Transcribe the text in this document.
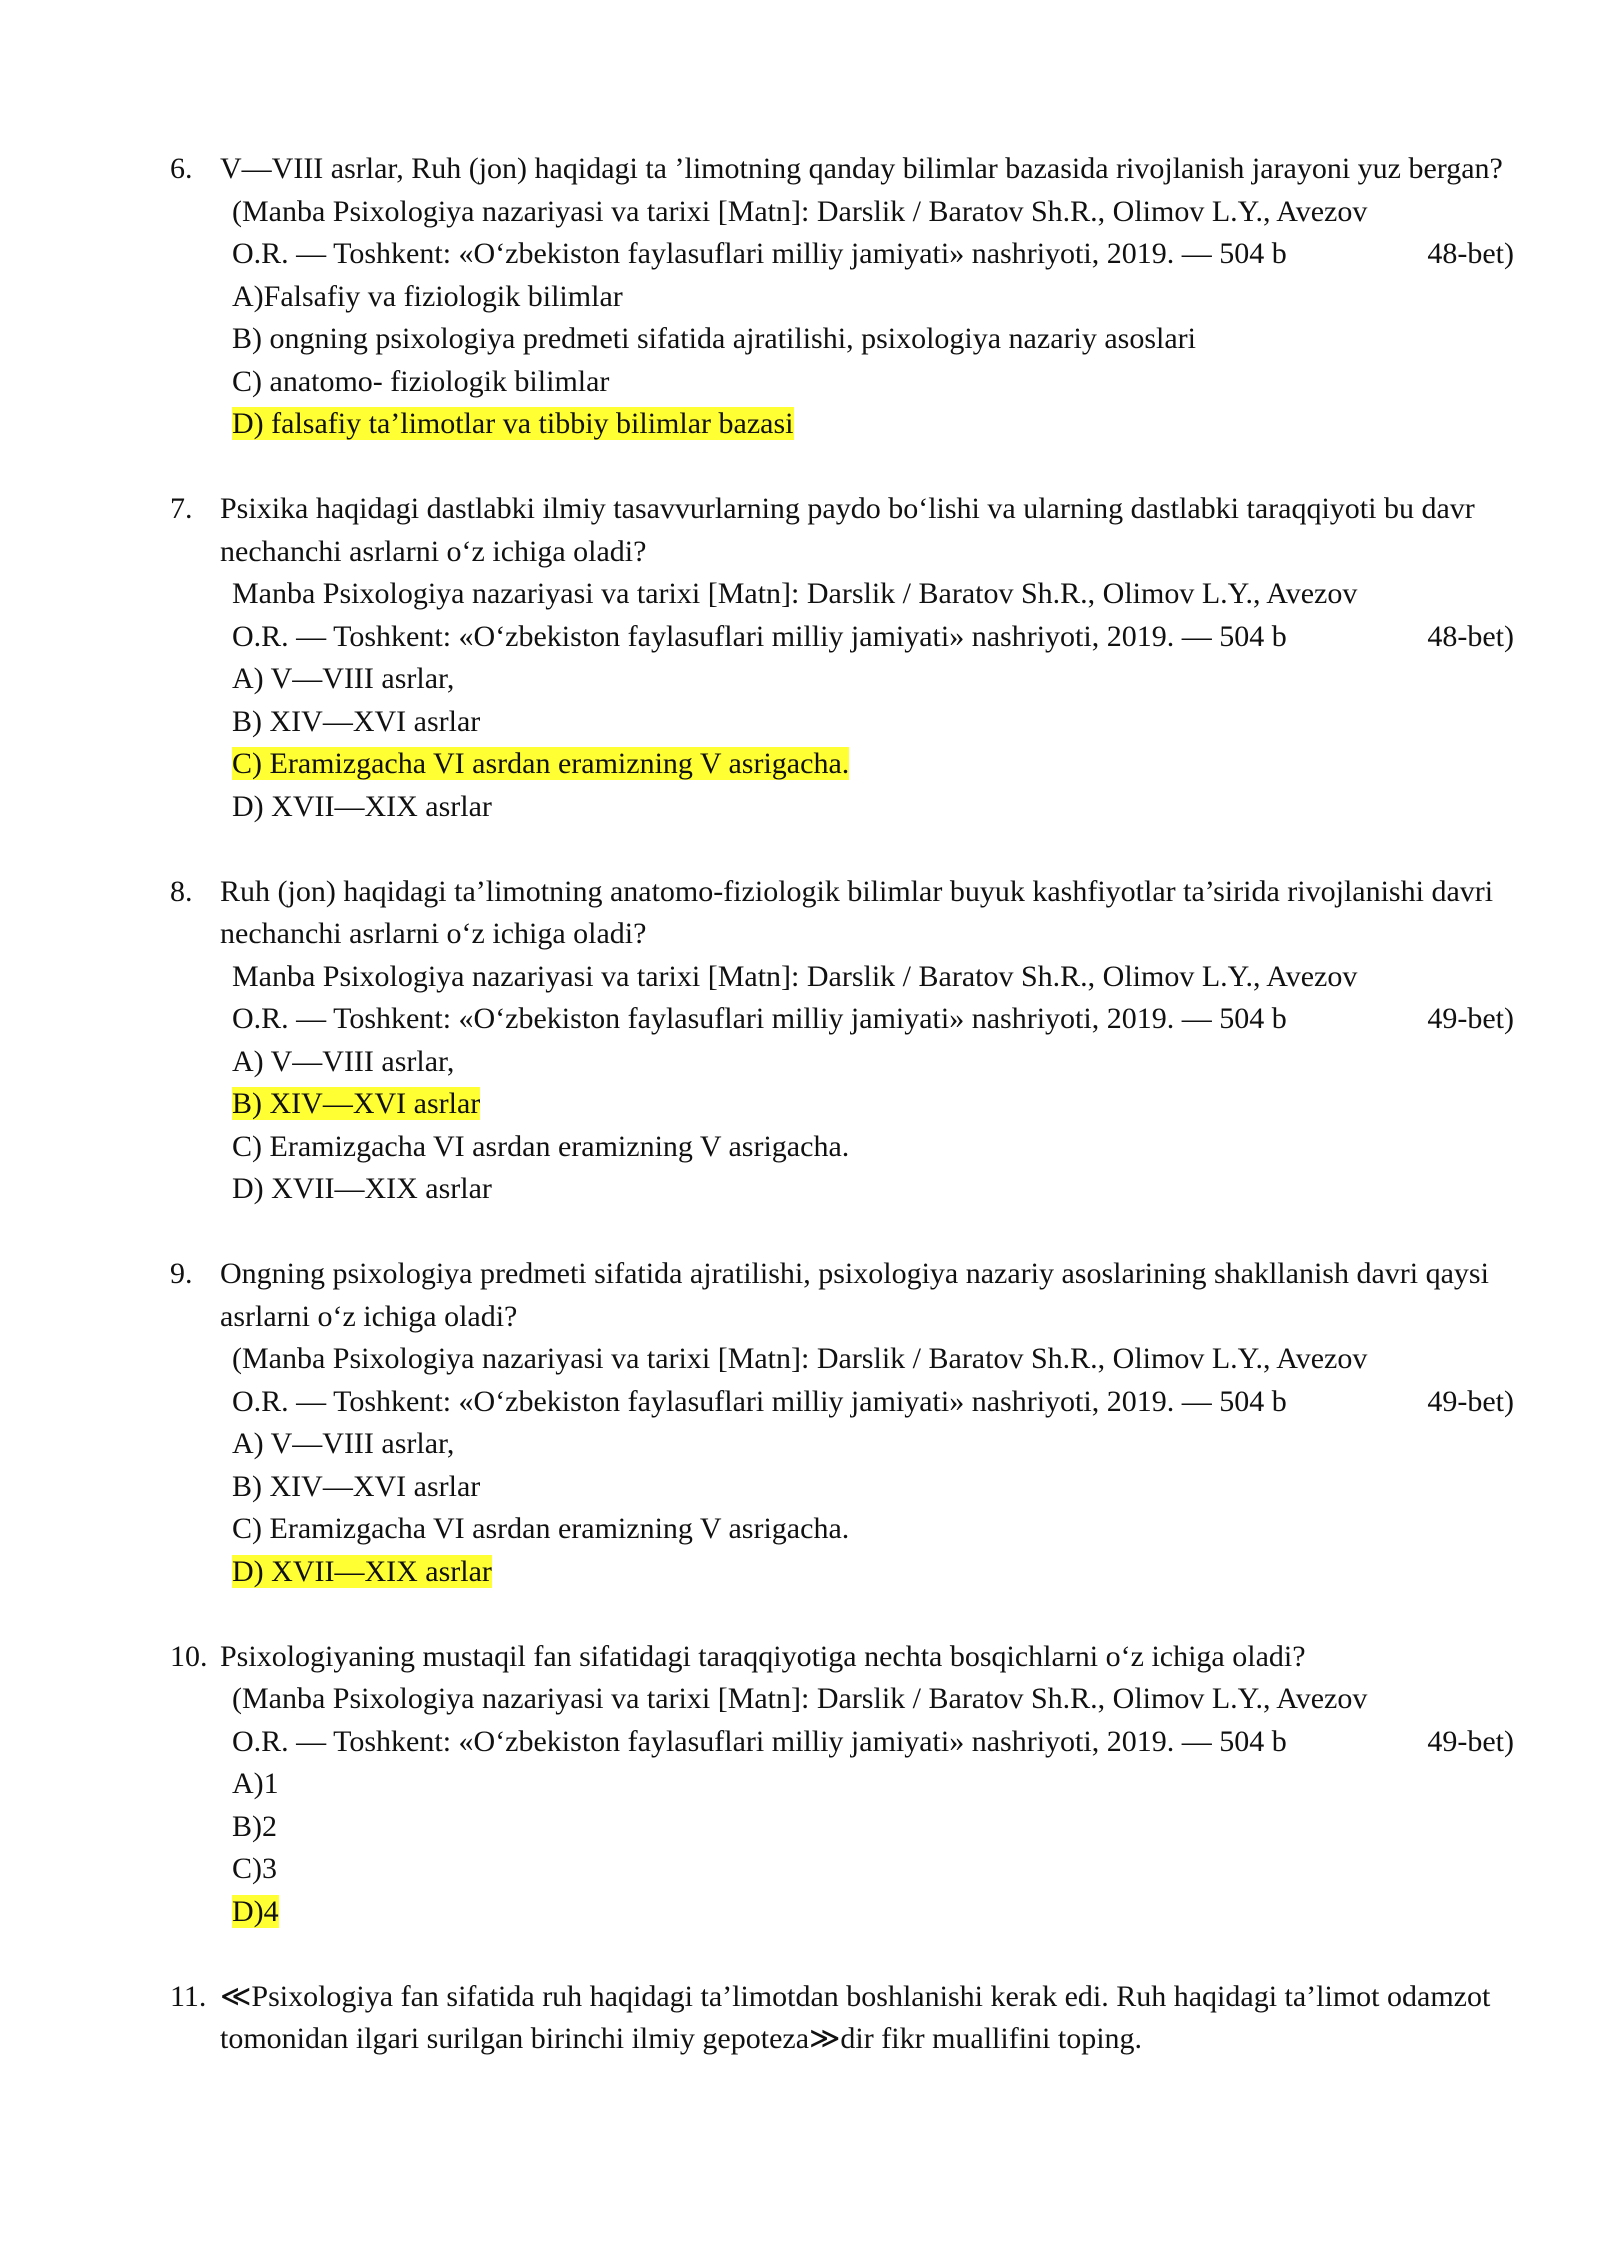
6. V—VIII asrlar, Ruh (jon) haqidagi ta ’limotning qanday bilimlar bazasida rivojlanish jarayoni yuz bergan?
(Manba Psixologiya nazariyasi va tarixi [Matn]: Darslik / Baratov Sh.R., Olimov L.Y., Avezov
O.R. — Toshkent: «O‘zbekiston faylasuflari milliy jamiyati» nashriyoti, 2019. — 504 b	48-bet)
A)Falsafiy va fiziologik bilimlar
B) ongning psixologiya predmeti sifatida ajratilishi, psixologiya nazariy asoslari
C) anatomo- fiziologik bilimlar
D) falsafiy ta’limotlar va tibbiy bilimlar bazasi
7. Psixika haqidagi dastlabki ilmiy tasavvurlarning paydo bo‘lishi va ularning dastlabki taraqqiyoti bu davr nechanchi asrlarni o‘z ichiga oladi?
Manba Psixologiya nazariyasi va tarixi [Matn]: Darslik / Baratov Sh.R., Olimov L.Y., Avezov
O.R. — Toshkent: «O‘zbekiston faylasuflari milliy jamiyati» nashriyoti, 2019. — 504 b	48-bet)
A) V—VIII asrlar,
B) XIV—XVI asrlar
C) Eramizgacha VI asrdan eramizning V asrigacha.
D) XVII—XIX asrlar
8. Ruh (jon) haqidagi ta’limotning anatomo-fiziologik bilimlar buyuk kashfiyotlar ta’sirida rivojlanishi davri nechanchi asrlarni o‘z ichiga oladi?
Manba Psixologiya nazariyasi va tarixi [Matn]: Darslik / Baratov Sh.R., Olimov L.Y., Avezov
O.R. — Toshkent: «O‘zbekiston faylasuflari milliy jamiyati» nashriyoti, 2019. — 504 b	49-bet)
A) V—VIII asrlar,
B) XIV—XVI asrlar
C) Eramizgacha VI asrdan eramizning V asrigacha.
D) XVII—XIX asrlar
9. Ongning psixologiya predmeti sifatida ajratilishi, psixologiya nazariy asoslarining shakllanish davri qaysi asrlarni o‘z ichiga oladi?
(Manba Psixologiya nazariyasi va tarixi [Matn]: Darslik / Baratov Sh.R., Olimov L.Y., Avezov
O.R. — Toshkent: «O‘zbekiston faylasuflari milliy jamiyati» nashriyoti, 2019. — 504 b	49-bet)
A) V—VIII asrlar,
B) XIV—XVI asrlar
C) Eramizgacha VI asrdan eramizning V asrigacha.
D) XVII—XIX asrlar
10. Psixologiyaning mustaqil fan sifatidagi taraqqiyotiga nechta bosqichlarni o‘z ichiga oladi?
(Manba Psixologiya nazariyasi va tarixi [Matn]: Darslik / Baratov Sh.R., Olimov L.Y., Avezov
O.R. — Toshkent: «O‘zbekiston faylasuflari milliy jamiyati» nashriyoti, 2019. — 504 b	49-bet)
A)1
B)2
C)3
D)4
11. ≪Psixologiya fan sifatida ruh haqidagi ta’limotdan boshlanishi kerak edi. Ruh haqidagi ta’limot odamzot tomonidan ilgari surilgan birinchi ilmiy gepoteza≫dir fikr muallifini toping.
